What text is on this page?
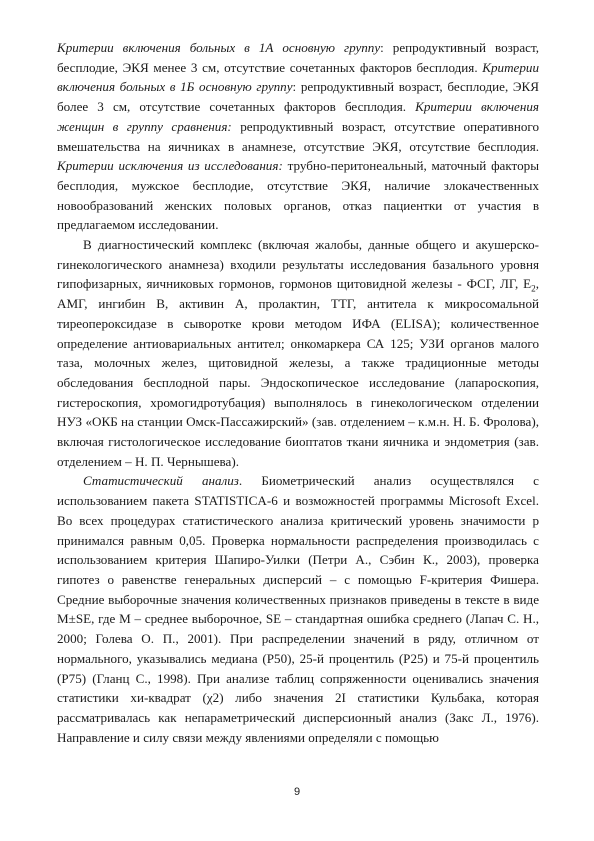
Критерии включения больных в 1А основную группу: репродуктивный возраст, бесплодие, ЭКЯ менее 3 см, отсутствие сочетанных факторов бесплодия. Критерии включения больных в 1Б основную группу: репродуктивный возраст, бесплодие, ЭКЯ более 3 см, отсутствие сочетанных факторов бесплодия. Критерии включения женщин в группу сравнения: репродуктивный возраст, отсутствие оперативного вмешательства на яичниках в анамнезе, отсутствие ЭКЯ, отсутствие бесплодия. Критерии исключения из исследования: трубно-перитонеальный, маточный факторы бесплодия, мужское бесплодие, отсутствие ЭКЯ, наличие злокачественных новообразований женских половых органов, отказ пациентки от участия в предлагаемом исследовании.

В диагностический комплекс (включая жалобы, данные общего и акушерско-гинекологического анамнеза) входили результаты исследования базального уровня гипофизарных, яичниковых гормонов, гормонов щитовидной железы - ФСГ, ЛГ, $E_2$, АМГ, ингибин В, активин А, пролактин, ТТГ, антитела к микросомальной тиреопероксидазе в сыворотке крови методом ИФА (ELISA); количественное определение антиовариальных антител; онкомаркера СА 125; УЗИ органов малого таза, молочных желез, щитовидной железы, а также традиционные методы обследования бесплодной пары. Эндоскопическое исследование (лапароскопия, гистероскопия, хромогидротубация) выполнялось в гинекологическом отделении НУЗ «ОКБ на станции Омск-Пассажирский» (зав. отделением – к.м.н. Н. Б. Фролова), включая гистологическое исследование биоптатов ткани яичника и эндометрия (зав. отделением – Н. П. Чернышева).

Статистический анализ. Биометрический анализ осуществлялся с использованием пакета STATISTICA-6 и возможностей программы Microsoft Excel. Во всех процедурах статистического анализа критический уровень значимости р принимался равным 0,05. Проверка нормальности распределения производилась с использованием критерия Шапиро-Уилки (Петри А., Сэбин К., 2003), проверка гипотез о равенстве генеральных дисперсий – с помощью F-критерия Фишера. Средние выборочные значения количественных признаков приведены в тексте в виде M±SE, где М – среднее выборочное, SE – стандартная ошибка среднего (Лапач С. Н., 2000; Голева О. П., 2001). При распределении значений в ряду, отличном от нормального, указывались медиана (P50), 25-й процентиль (P25) и 75-й процентиль (P75) (Гланц С., 1998). При анализе таблиц сопряженности оценивались значения статистики хи-квадрат (χ2) либо значения 2I статистики Кульбака, которая рассматривалась как непараметрический дисперсионный анализ (Закс Л., 1976). Направление и силу связи между явлениями определяли с помощью

9
